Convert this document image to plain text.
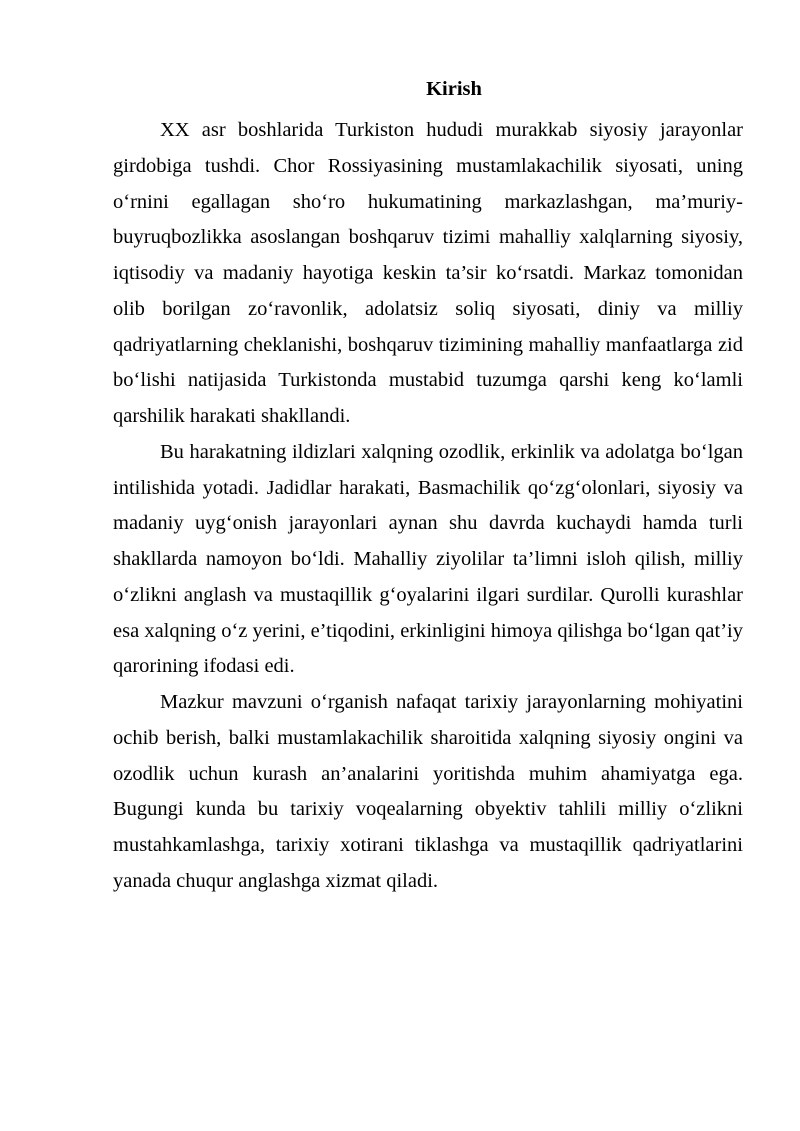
Kirish

XX asr boshlarida Turkiston hududi murakkab siyosiy jarayonlar girdobiga tushdi. Chor Rossiyasining mustamlakachilik siyosati, uning o‘rnini egallagan sho‘ro hukumatining markazlashgan, ma’muriy-buyruqbozlikka asoslangan boshqaruv tizimi mahalliy xalqlarning siyosiy, iqtisodiy va madaniy hayotiga keskin ta’sir ko‘rsatdi. Markaz tomonidan olib borilgan zo‘ravonlik, adolatsiz soliq siyosati, diniy va milliy qadriyatlarning cheklanishi, boshqaruv tizimining mahalliy manfaatlarga zid bo‘lishi natijasida Turkistonda mustabid tuzumga qarshi keng ko‘lamli qarshilik harakati shakllandi.

Bu harakatning ildizlari xalqning ozodlik, erkinlik va adolatga bo‘lgan intilishida yotadi. Jadidlar harakati, Basmachilik qo‘zg‘olonlari, siyosiy va madaniy uyg‘onish jarayonlari aynan shu davrda kuchaydi hamda turli shakllarda namoyon bo‘ldi. Mahalliy ziyolilar ta’limni isloh qilish, milliy o‘zlikni anglash va mustaqillik g‘oyalarini ilgari surdilar. Qurolli kurashlar esa xalqning o‘z yerini, e’tiqodini, erkinligini himoya qilishga bo‘lgan qat’iy qarorining ifodasi edi.

Mazkur mavzuni o‘rganish nafaqat tarixiy jarayonlarning mohiyatini ochib berish, balki mustamlakachilik sharoitida xalqning siyosiy ongini va ozodlik uchun kurash an’analarini yoritishda muhim ahamiyatga ega. Bugungi kunda bu tarixiy voqealarning obyektiv tahlili milliy o‘zlikni mustahkamlashga, tarixiy xotirani tiklashga va mustaqillik qadriyatlarini yanada chuqur anglashga xizmat qiladi.
